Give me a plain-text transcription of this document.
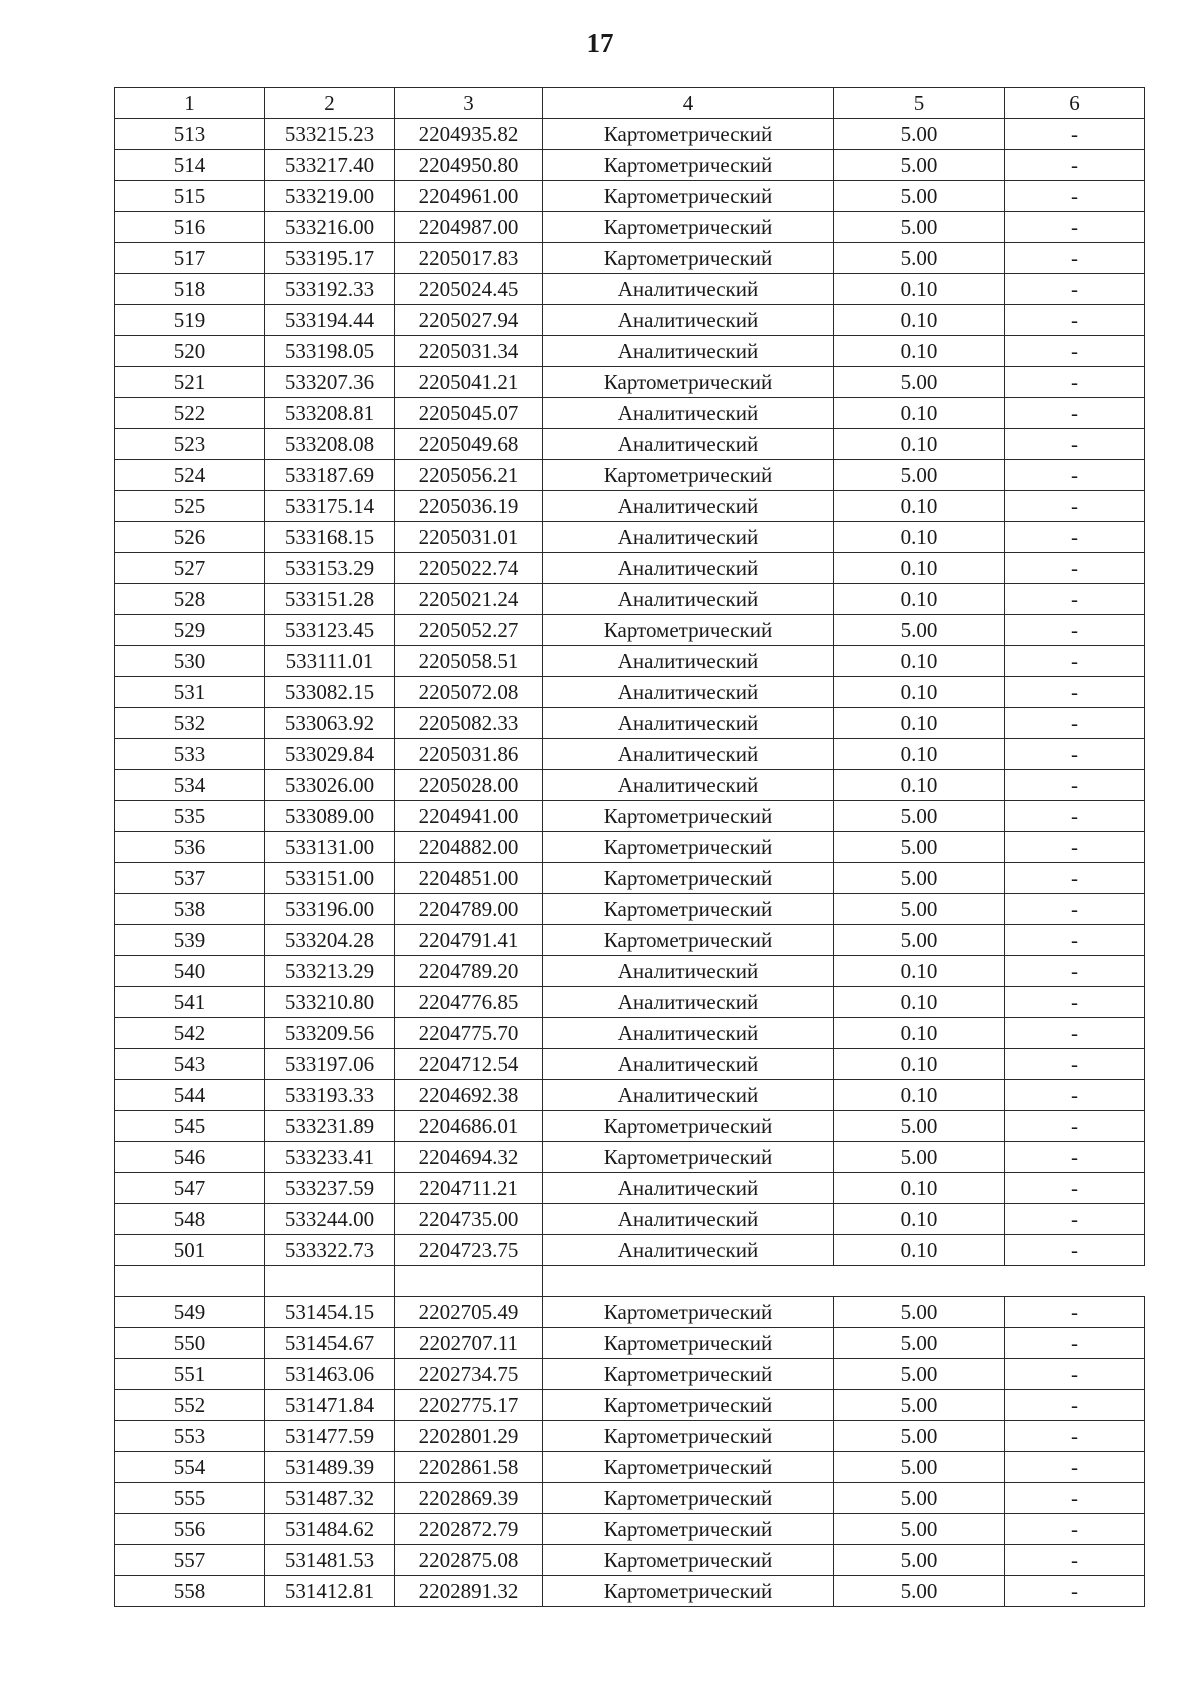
17
1	2	3	4	5	6
513	533215.23	2204935.82	Картометрический	5.00	-
514	533217.40	2204950.80	Картометрический	5.00	-
515	533219.00	2204961.00	Картометрический	5.00	-
516	533216.00	2204987.00	Картометрический	5.00	-
517	533195.17	2205017.83	Картометрический	5.00	-
518	533192.33	2205024.45	Аналитический	0.10	-
519	533194.44	2205027.94	Аналитический	0.10	-
520	533198.05	2205031.34	Аналитический	0.10	-
521	533207.36	2205041.21	Картометрический	5.00	-
522	533208.81	2205045.07	Аналитический	0.10	-
523	533208.08	2205049.68	Аналитический	0.10	-
524	533187.69	2205056.21	Картометрический	5.00	-
525	533175.14	2205036.19	Аналитический	0.10	-
526	533168.15	2205031.01	Аналитический	0.10	-
527	533153.29	2205022.74	Аналитический	0.10	-
528	533151.28	2205021.24	Аналитический	0.10	-
529	533123.45	2205052.27	Картометрический	5.00	-
530	533111.01	2205058.51	Аналитический	0.10	-
531	533082.15	2205072.08	Аналитический	0.10	-
532	533063.92	2205082.33	Аналитический	0.10	-
533	533029.84	2205031.86	Аналитический	0.10	-
534	533026.00	2205028.00	Аналитический	0.10	-
535	533089.00	2204941.00	Картометрический	5.00	-
536	533131.00	2204882.00	Картометрический	5.00	-
537	533151.00	2204851.00	Картометрический	5.00	-
538	533196.00	2204789.00	Картометрический	5.00	-
539	533204.28	2204791.41	Картометрический	5.00	-
540	533213.29	2204789.20	Аналитический	0.10	-
541	533210.80	2204776.85	Аналитический	0.10	-
542	533209.56	2204775.70	Аналитический	0.10	-
543	533197.06	2204712.54	Аналитический	0.10	-
544	533193.33	2204692.38	Аналитический	0.10	-
545	533231.89	2204686.01	Картометрический	5.00	-
546	533233.41	2204694.32	Картометрический	5.00	-
547	533237.59	2204711.21	Аналитический	0.10	-
548	533244.00	2204735.00	Аналитический	0.10	-
501	533322.73	2204723.75	Аналитический	0.10	-

549	531454.15	2202705.49	Картометрический	5.00	-
550	531454.67	2202707.11	Картометрический	5.00	-
551	531463.06	2202734.75	Картометрический	5.00	-
552	531471.84	2202775.17	Картометрический	5.00	-
553	531477.59	2202801.29	Картометрический	5.00	-
554	531489.39	2202861.58	Картометрический	5.00	-
555	531487.32	2202869.39	Картометрический	5.00	-
556	531484.62	2202872.79	Картометрический	5.00	-
557	531481.53	2202875.08	Картометрический	5.00	-
558	531412.81	2202891.32	Картометрический	5.00	-
